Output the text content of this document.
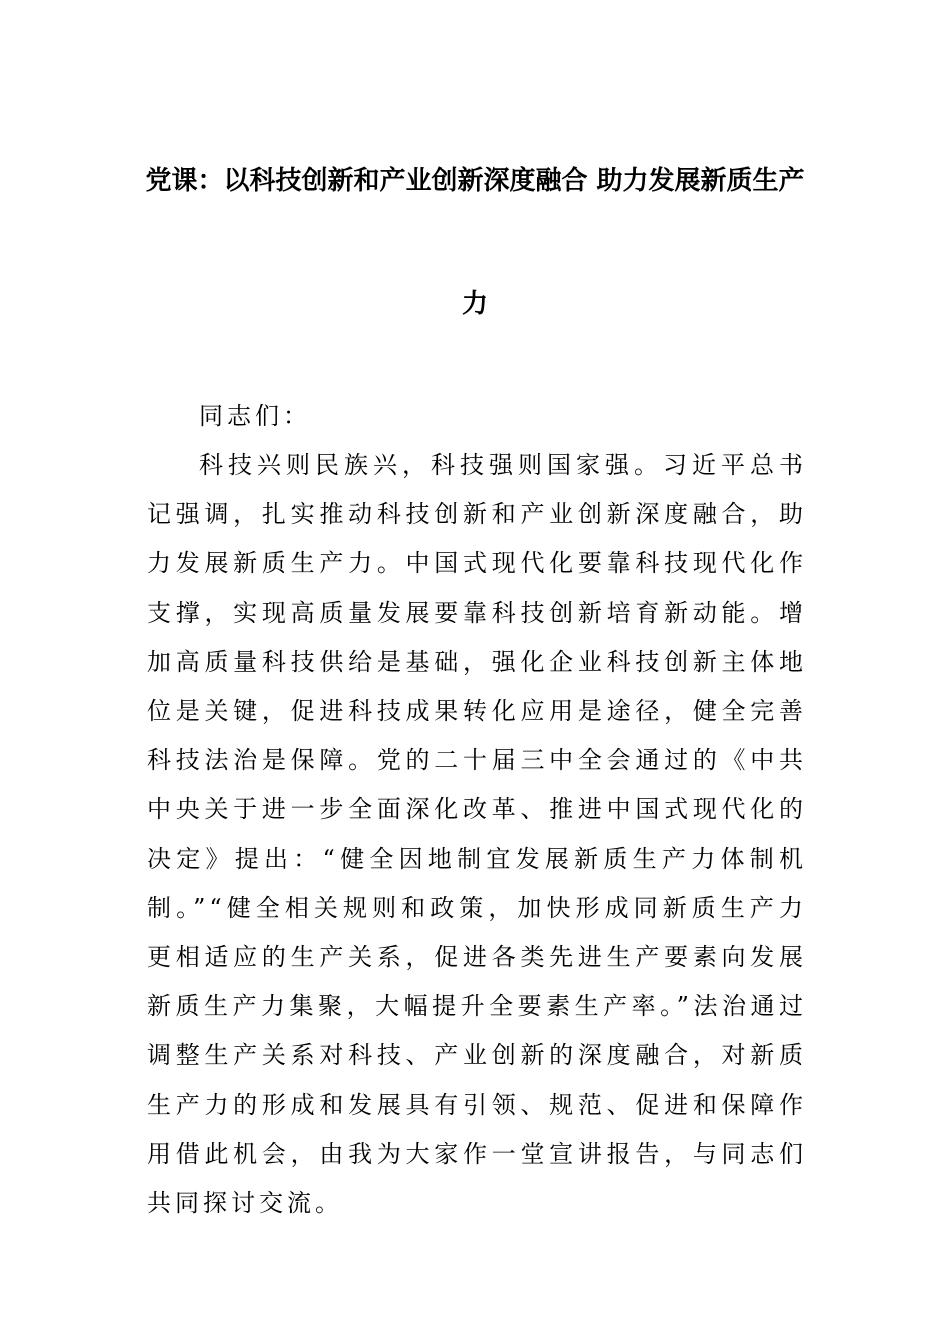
党课：以科技创新和产业创新深度融合 助力发展新质生产
力
同志们：
科技兴则民族兴，科技强则国家强。习近平总书记强调，扎实推动科技创新和产业创新深度融合，助力发展新质生产力。中国式现代化要靠科技现代化作支撑，实现高质量发展要靠科技创新培育新动能。增加高质量科技供给是基础，强化企业科技创新主体地位是关键，促进科技成果转化应用是途径，健全完善科技法治是保障。党的二十届三中全会通过的《中共中央关于进一步全面深化改革、推进中国式现代化的决定》提出：“健全因地制宜发展新质生产力体制机制。”“健全相关规则和政策，加快形成同新质生产力更相适应的生产关系，促进各类先进生产要素向发展新质生产力集聚，大幅提升全要素生产率。”法治通过调整生产关系对科技、产业创新的深度融合，对新质生产力的形成和发展具有引领、规范、促进和保障作用借此机会，由我为大家作一堂宣讲报告，与同志们共同探讨交流。
